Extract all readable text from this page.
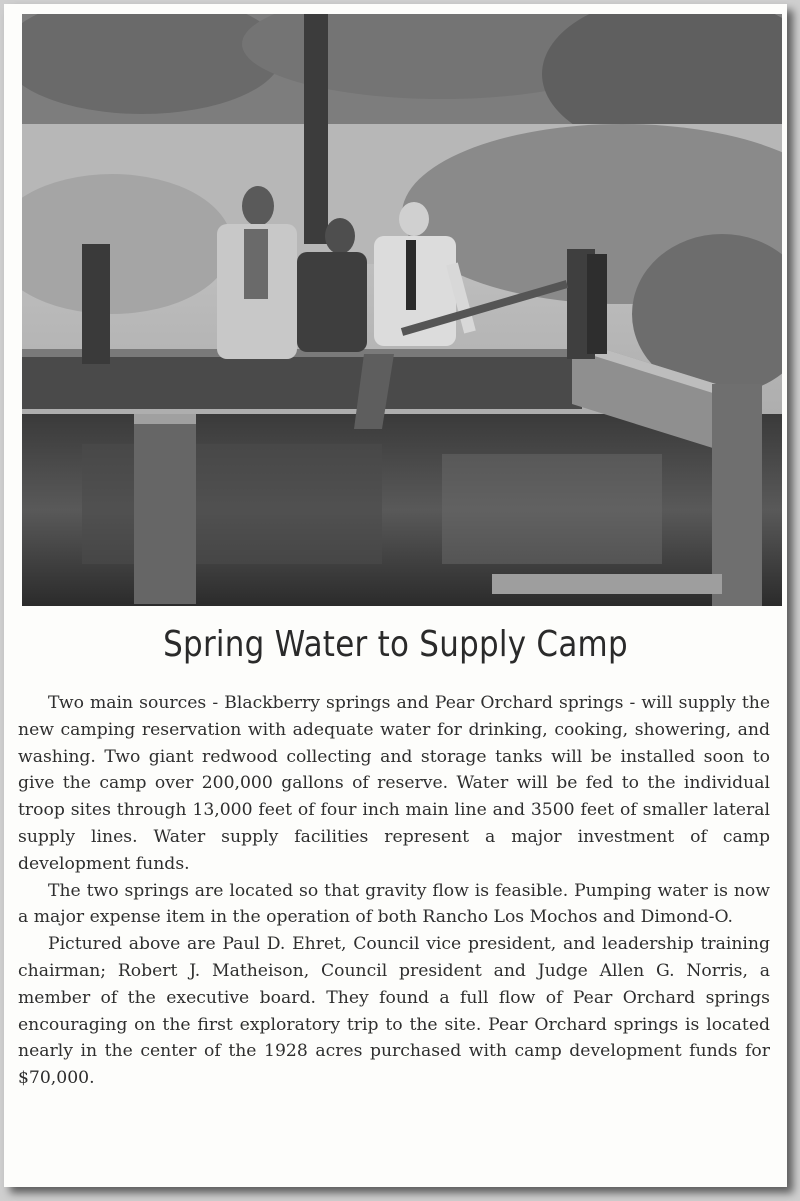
Spring Water to Supply Camp

Two main sources - Blackberry springs and Pear Orchard springs - will supply the new camping reservation with adequate water for drinking, cooking, showering, and washing. Two giant redwood collecting and storage tanks will be installed soon to give the camp over 200,000 gallons of reserve. Water will be fed to the individual troop sites through 13,000 feet of four inch main line and 3500 feet of smaller lateral supply lines. Water supply facilities represent a major investment of camp development funds.

The two springs are located so that gravity flow is feasible. Pumping water is now a major expense item in the operation of both Rancho Los Mochos and Dimond-O.

Pictured above are Paul D. Ehret, Council vice president, and leadership training chairman; Robert J. Matheison, Council president and Judge Allen G. Norris, a member of the executive board. They found a full flow of Pear Orchard springs encouraging on the first exploratory trip to the site. Pear Orchard springs is located nearly in the center of the 1928 acres purchased with camp development funds for $70,000.
